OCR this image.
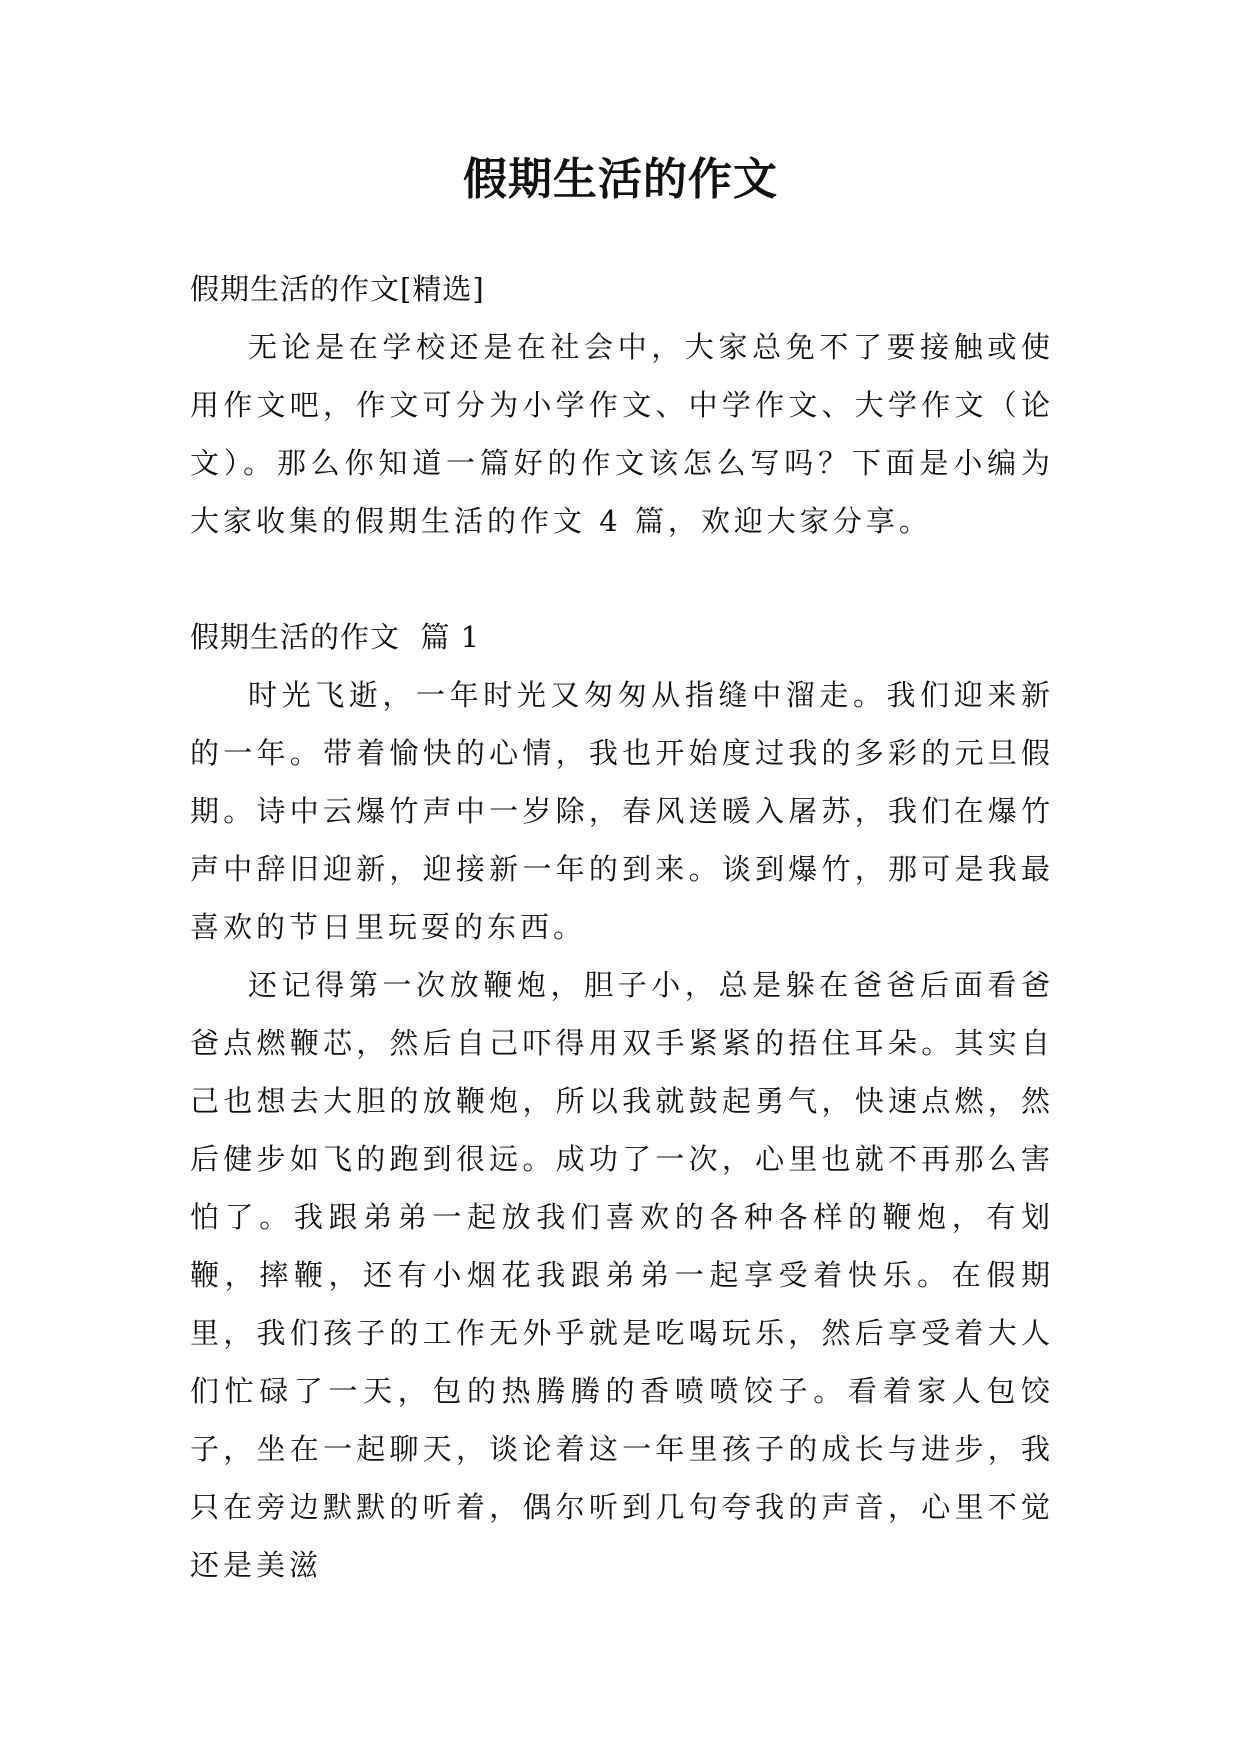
假期生活的作文

假期生活的作文[精选]

无论是在学校还是在社会中，大家总免不了要接触或使用作文吧，作文可分为小学作文、中学作文、大学作文（论文）。那么你知道一篇好的作文该怎么写吗？下面是小编为大家收集的假期生活的作文 4 篇，欢迎大家分享。

假期生活的作文  篇 1

时光飞逝，一年时光又匆匆从指缝中溜走。我们迎来新的一年。带着愉快的心情，我也开始度过我的多彩的元旦假期。诗中云爆竹声中一岁除，春风送暖入屠苏，我们在爆竹声中辞旧迎新，迎接新一年的到来。谈到爆竹，那可是我最喜欢的节日里玩耍的东西。

还记得第一次放鞭炮，胆子小，总是躲在爸爸后面看爸爸点燃鞭芯，然后自己吓得用双手紧紧的捂住耳朵。其实自己也想去大胆的放鞭炮，所以我就鼓起勇气，快速点燃，然后健步如飞的跑到很远。成功了一次，心里也就不再那么害怕了。我跟弟弟一起放我们喜欢的各种各样的鞭炮，有划鞭，摔鞭，还有小烟花我跟弟弟一起享受着快乐。在假期里，我们孩子的工作无外乎就是吃喝玩乐，然后享受着大人们忙碌了一天，包的热腾腾的香喷喷饺子。看着家人包饺子，坐在一起聊天，谈论着这一年里孩子的成长与进步，我只在旁边默默的听着，偶尔听到几句夸我的声音，心里不觉还是美滋
